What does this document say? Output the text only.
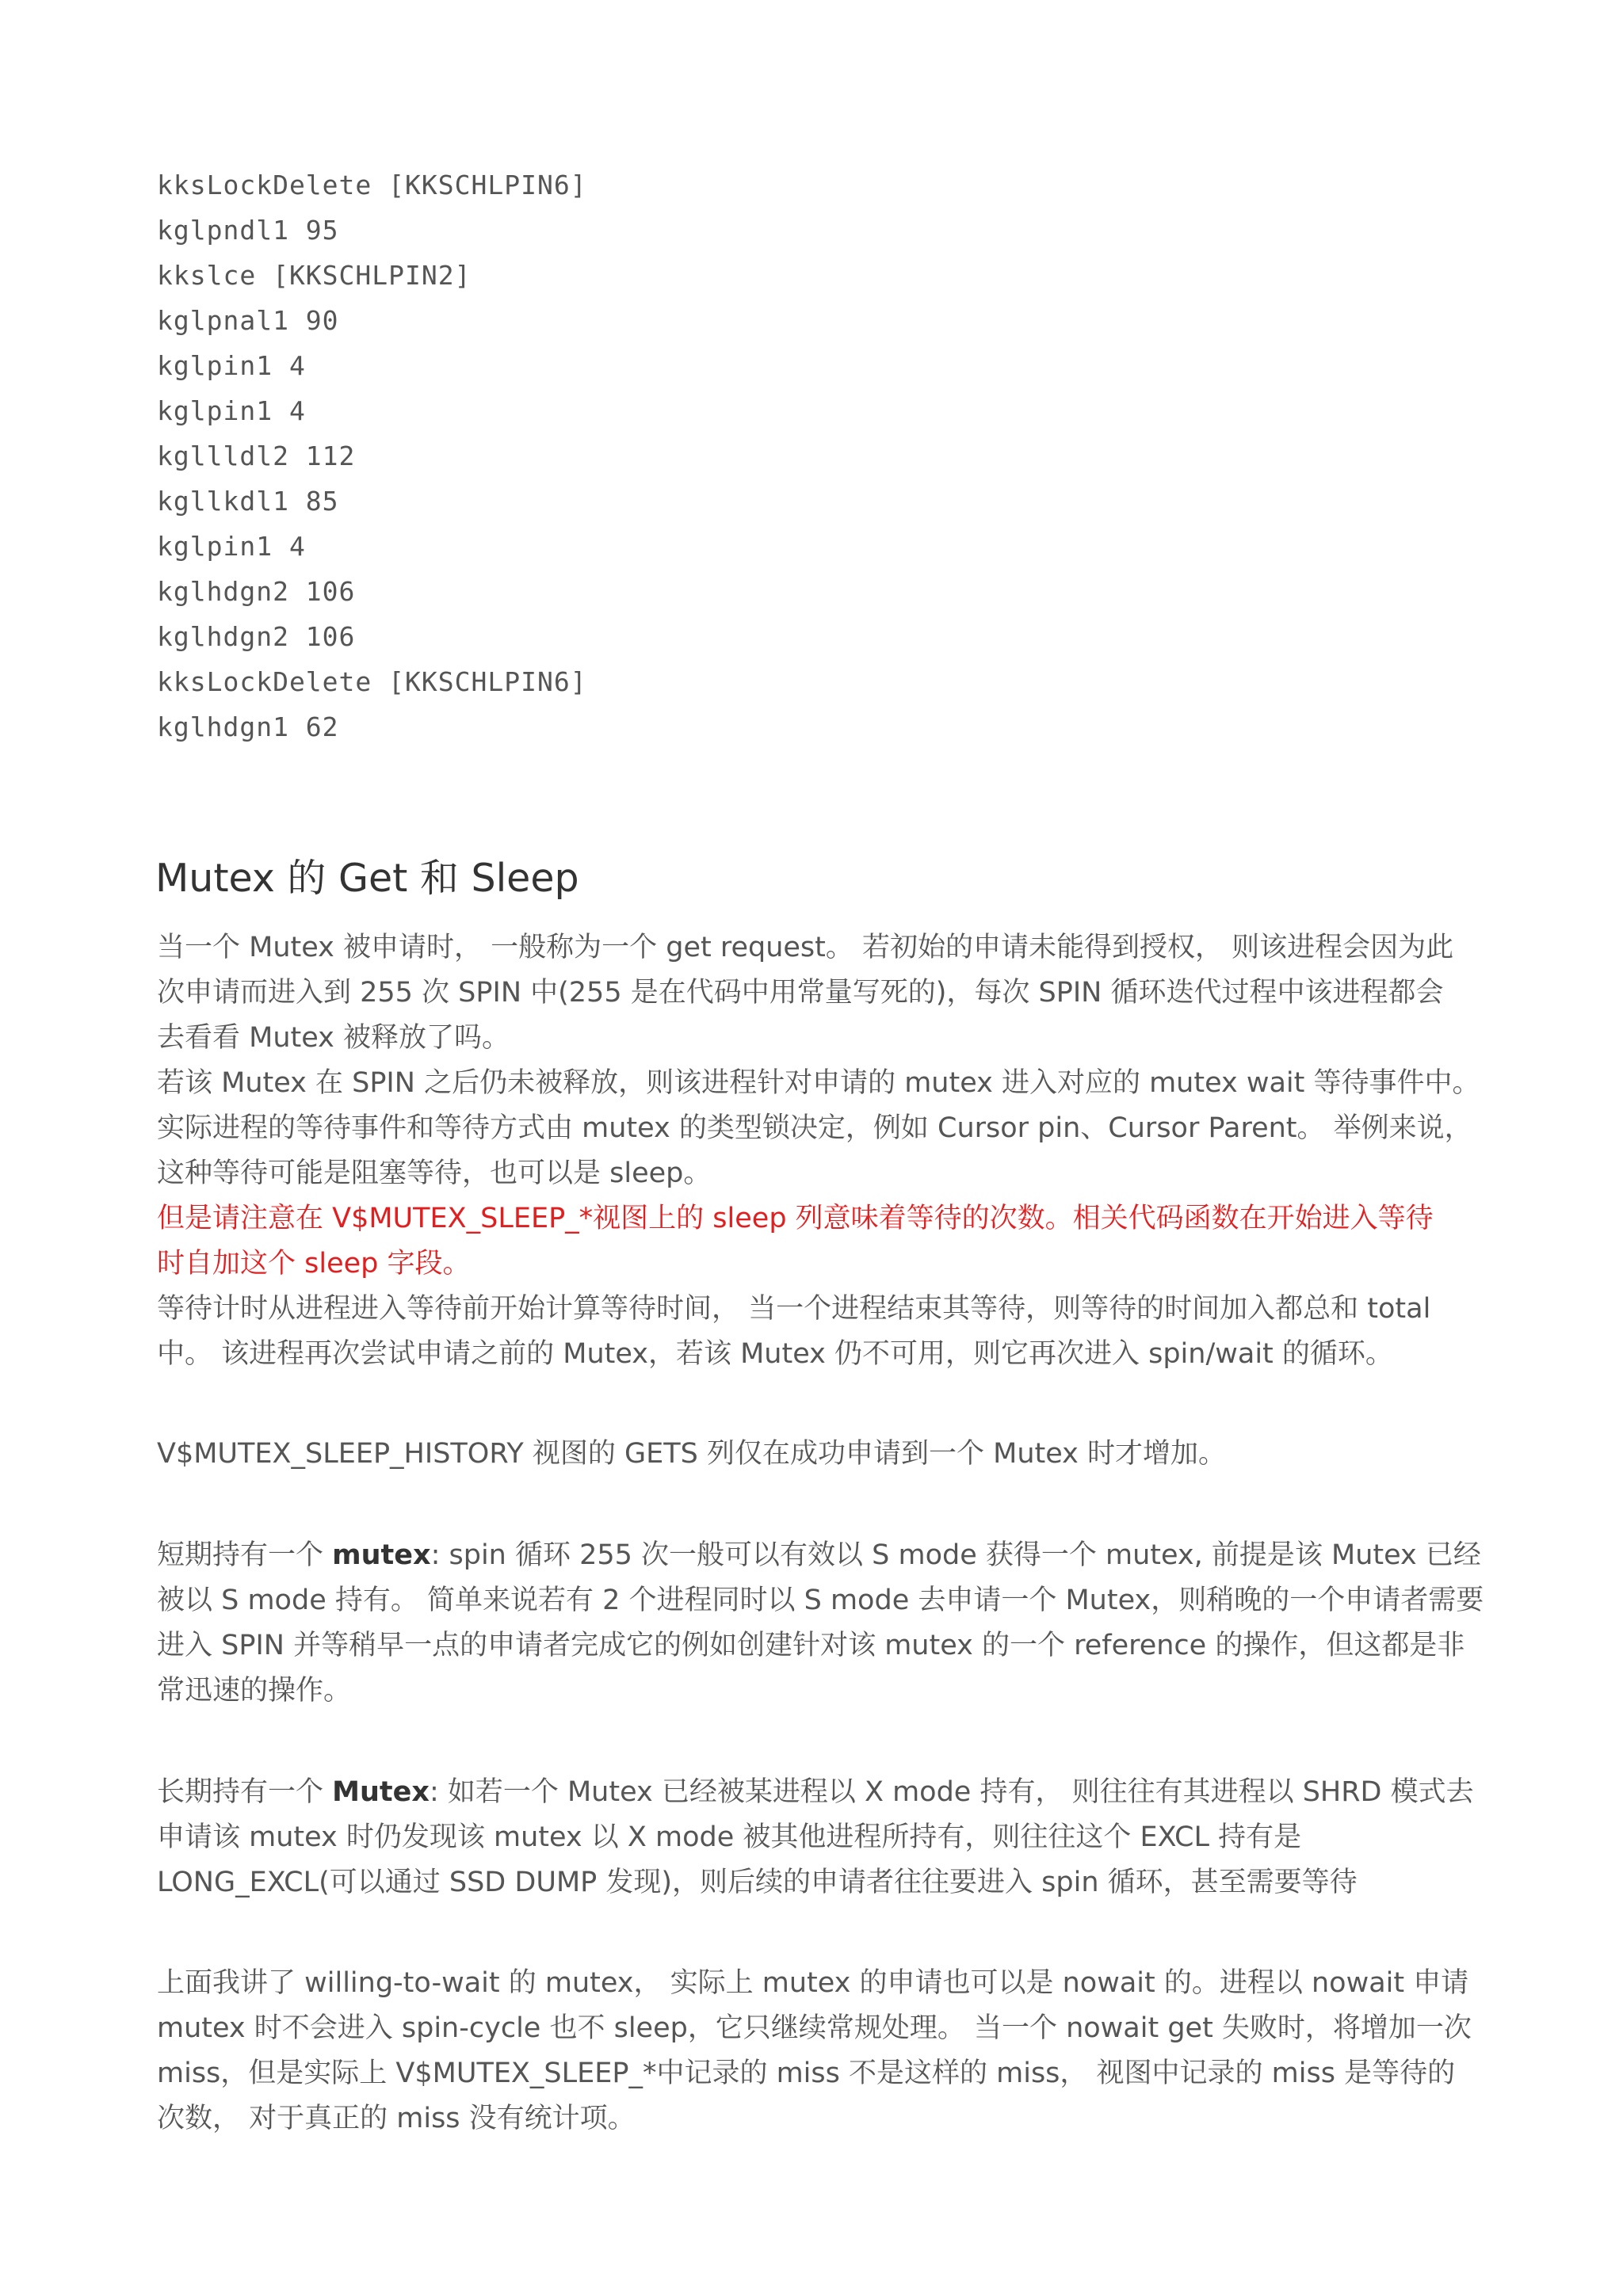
kksLockDelete [KKSCHLPIN6]
kglpndl1 95
kkslce [KKSCHLPIN2]
kglpnal1 90
kglpin1 4
kglpin1 4
kgllldl2 112
kgllkdl1 85
kglpin1 4
kglhdgn2 106
kglhdgn2 106
kksLockDelete [KKSCHLPIN6]
kglhdgn1 62
Mutex 的 Get 和 Sleep

当一个 Mutex 被申请时， 一般称为一个 get request。 若初始的申请未能得到授权， 则该进程会因为此
次申请而进入到 255 次 SPIN 中(255 是在代码中用常量写死的)，每次 SPIN 循环迭代过程中该进程都会
去看看 Mutex 被释放了吗。

若该 Mutex 在 SPIN 之后仍未被释放，则该进程针对申请的 mutex 进入对应的 mutex wait 等待事件中。
实际进程的等待事件和等待方式由 mutex 的类型锁决定，例如 Cursor pin、Cursor Parent。 举例来说，
这种等待可能是阻塞等待，也可以是 sleep。

但是请注意在 V$MUTEX_SLEEP_*视图上的 sleep 列意味着等待的次数。相关代码函数在开始进入等待
时自加这个 sleep 字段。

等待计时从进程进入等待前开始计算等待时间， 当一个进程结束其等待，则等待的时间加入都总和 total
中。 该进程再次尝试申请之前的 Mutex，若该 Mutex 仍不可用，则它再次进入 spin/wait 的循环。

V$MUTEX_SLEEP_HISTORY 视图的 GETS 列仅在成功申请到一个 Mutex 时才增加。

短期持有一个 mutex: spin 循环 255 次一般可以有效以 S mode 获得一个 mutex, 前提是该 Mutex 已经
被以 S mode 持有。 简单来说若有 2 个进程同时以 S mode 去申请一个 Mutex，则稍晚的一个申请者需要
进入 SPIN 并等稍早一点的申请者完成它的例如创建针对该 mutex 的一个 reference 的操作，但这都是非
常迅速的操作。

长期持有一个 Mutex: 如若一个 Mutex 已经被某进程以 X mode 持有， 则往往有其进程以 SHRD 模式去
申请该 mutex 时仍发现该 mutex 以 X mode 被其他进程所持有，则往往这个 EXCL 持有是
LONG_EXCL(可以通过 SSD DUMP 发现)，则后续的申请者往往要进入 spin 循环，甚至需要等待

上面我讲了 willing-to-wait 的 mutex， 实际上 mutex 的申请也可以是 nowait 的。进程以 nowait 申请
mutex 时不会进入 spin-cycle 也不 sleep，它只继续常规处理。 当一个 nowait get 失败时，将增加一次
miss，但是实际上 V$MUTEX_SLEEP_*中记录的 miss 不是这样的 miss， 视图中记录的 miss 是等待的
次数， 对于真正的 miss 没有统计项。
